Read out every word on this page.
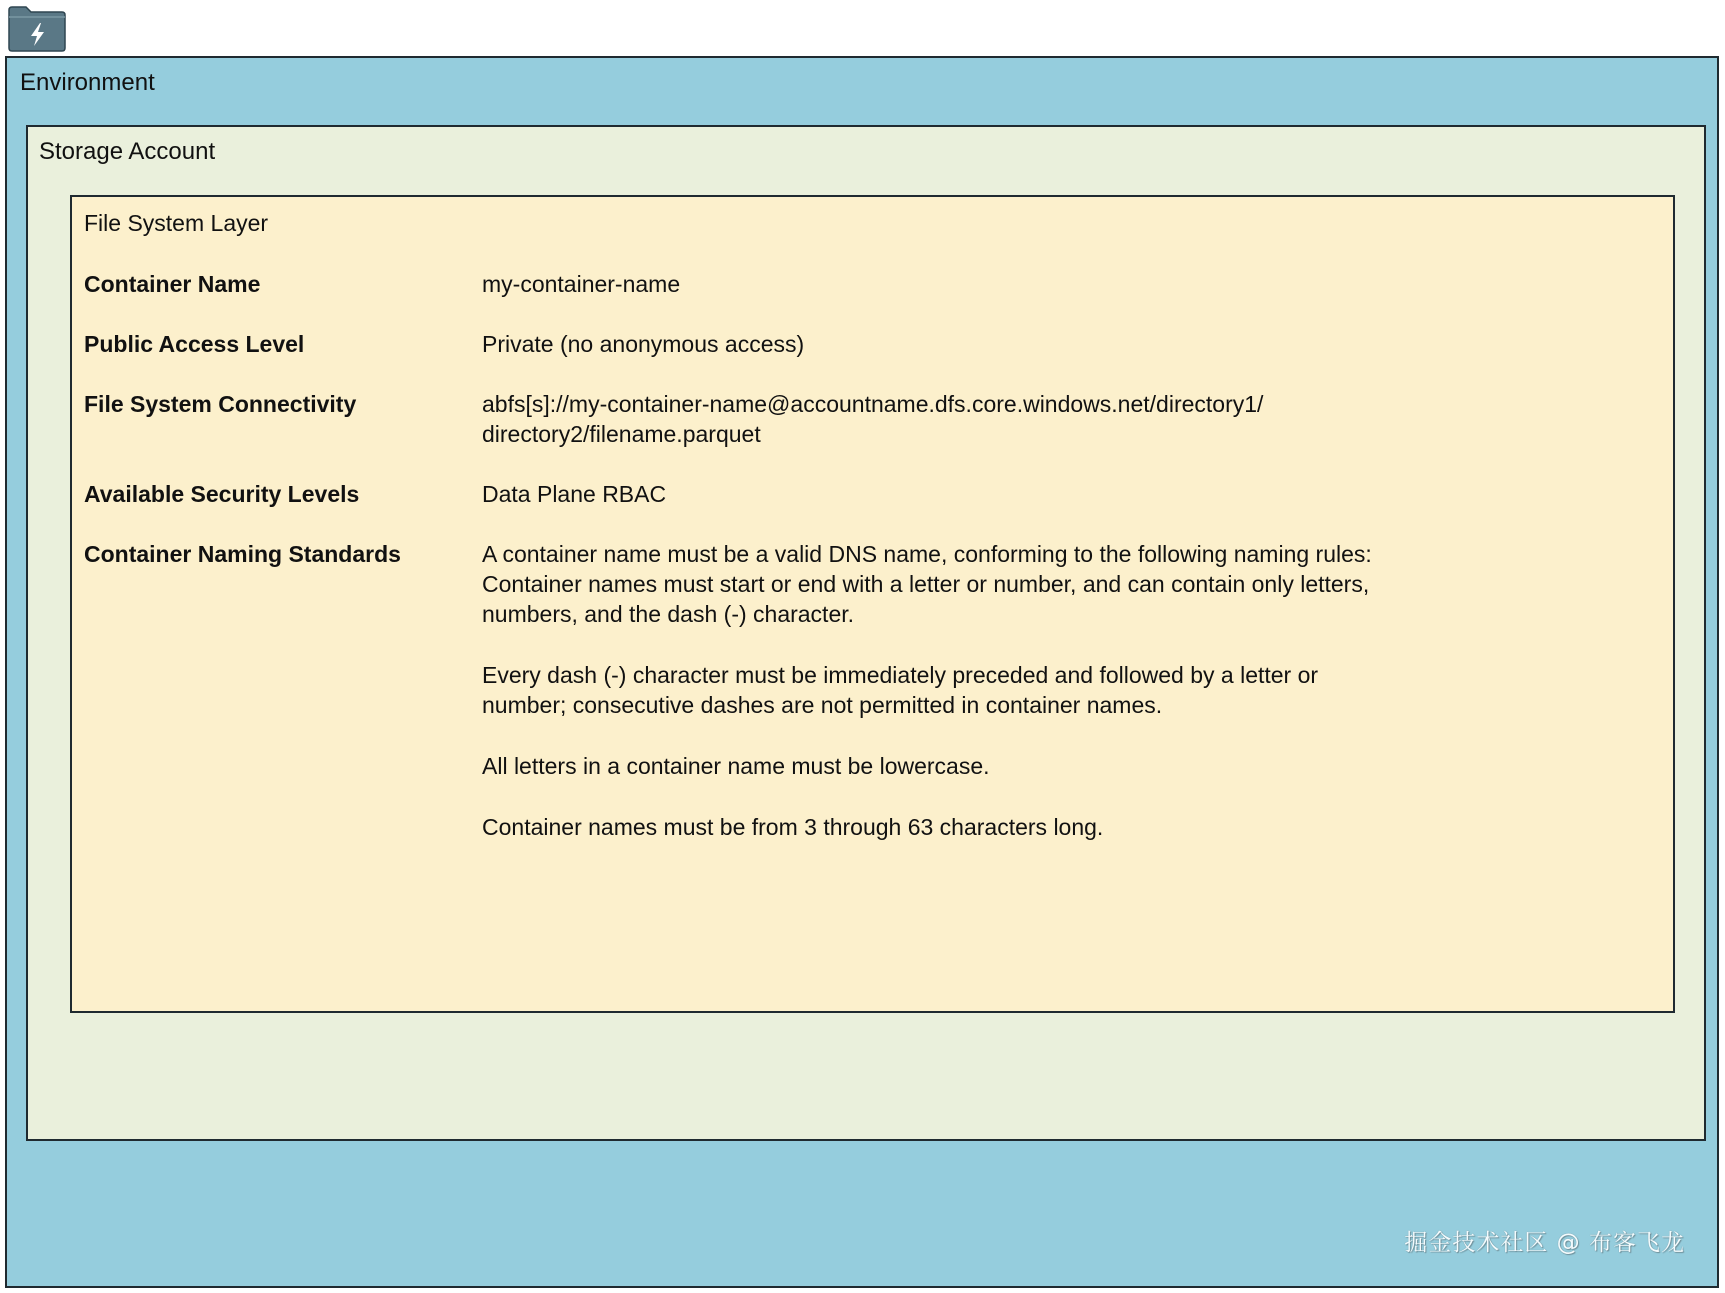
Environment
Storage Account
File System Layer
Container Name	my-container-name
Public Access Level	Private (no anonymous access)
File System Connectivity	abfs[s]://my-container-name@accountname.dfs.core.windows.net/directory1/
directory2/filename.parquet
Available Security Levels	Data Plane RBAC
Container Naming Standards	A container name must be a valid DNS name, conforming to the following naming rules:
Container names must start or end with a letter or number, and can contain only letters,
numbers, and the dash (-) character.
Every dash (-) character must be immediately preceded and followed by a letter or
number; consecutive dashes are not permitted in container names.
All letters in a container name must be lowercase.
Container names must be from 3 through 63 characters long.
掘金技术社区 @ 布客飞龙
